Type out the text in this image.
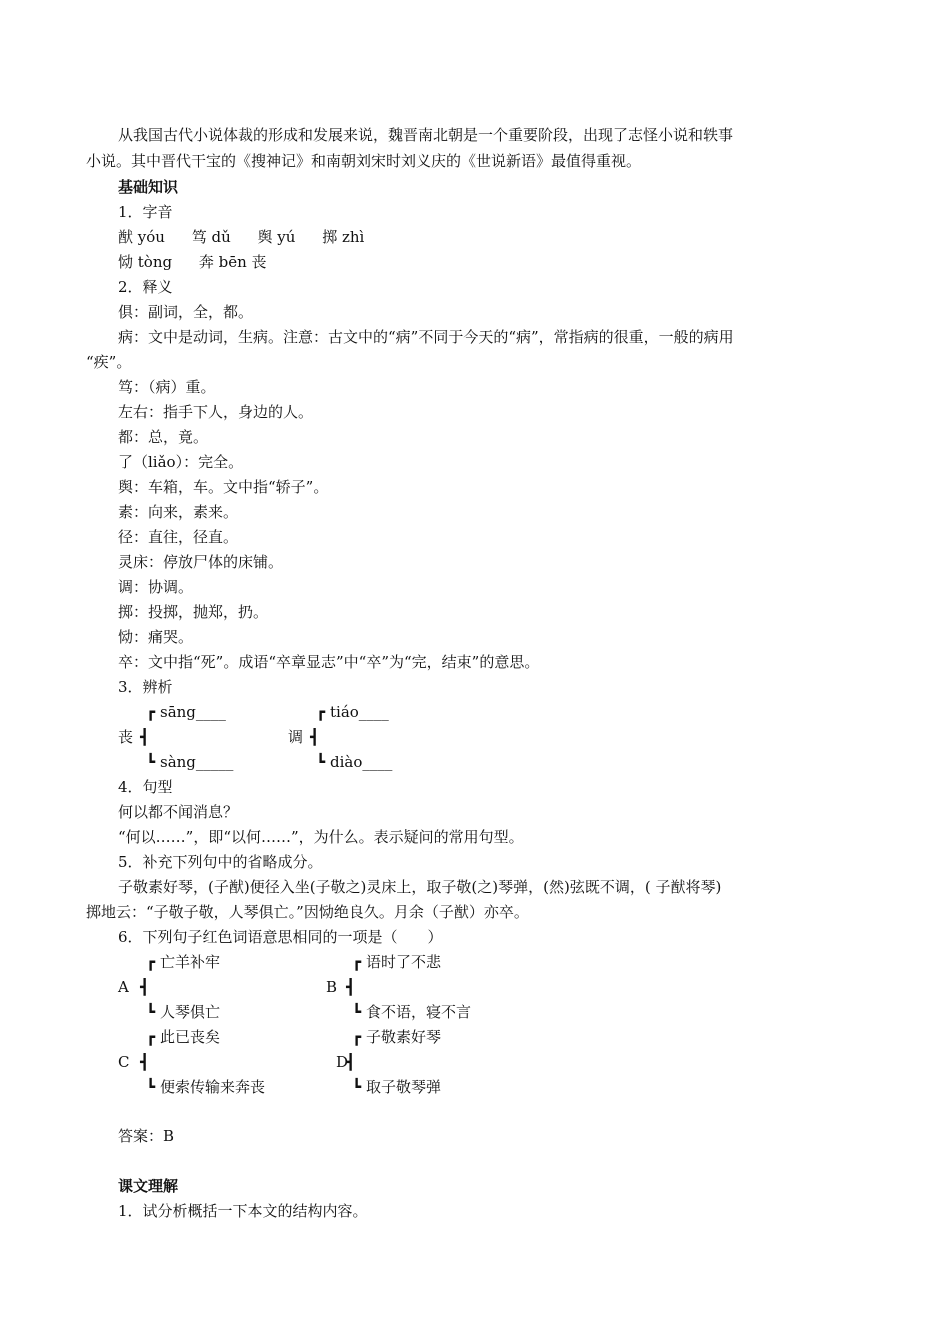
从我国古代小说体裁的形成和发展来说，魏晋南北朝是一个重要阶段，出现了志怪小说和轶事
小说。其中晋代干宝的《搜神记》和南朝刘宋时刘义庆的《世说新语》最值得重视。
基础知识
1．字音
猷 yóu 笃 dǔ 舆 yú 掷 zhì
恸 tòng 奔 bēn 丧
2．释义
俱：副词，全，都。
病：文中是动词，生病。注意：古文中的“病”不同于今天的“病”，常指病的很重，一般的病用
“疾”。
笃：（病）重。
左右：指手下人，身边的人。
都：总，竟。
了（liǎo）：完全。
舆：车箱，车。文中指“轿子”。
素：向来，素来。
径：直往，径直。
灵床：停放尸体的床铺。
调：协调。
掷：投掷，抛郑，扔。
恸：痛哭。
卒：文中指“死”。成语“卒章显志”中“卒”为“完，结束”的意思。
3．辨析
┏ sāng____
丧 ┫
┗ sàng_____
┏ tiáo____
调 ┫
┗ diào____
4．句型
何以都不闻消息？
“何以……”，即“以何……”，为什么。表示疑问的常用句型。
5．补充下列句中的省略成分。
子敬素好琴，(子猷)便径入坐(子敬之)灵床上，取子敬(之)琴弹，(然)弦既不调，( 子猷将琴)
掷地云：“子敬子敬，人琴俱亡。”因恸绝良久。月余（子猷）亦卒。
6．下列句子红色词语意思相同的一项是（　　）
┏ 亡羊补牢
A ┫
┗ 人琴俱亡
┏ 语时了不悲
B ┫
┗ 食不语，寝不言
┏ 此已丧矣
C ┫
┗ 便索传输来奔丧
┏ 子敬素好琴
D
┫
┗ 取子敬琴弹
答案：B
课文理解
1．试分析概括一下本文的结构内容。
